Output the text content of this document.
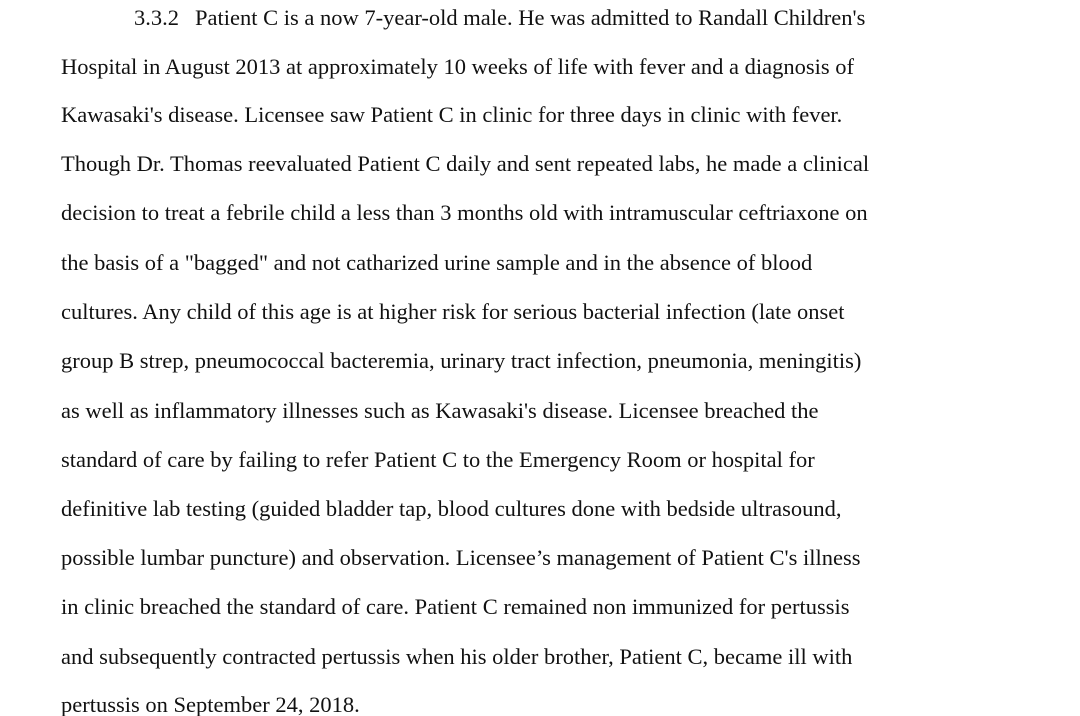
3.3.2 Patient C is a now 7-year-old male. He was admitted to Randall Children's
Hospital in August 2013 at approximately 10 weeks of life with fever and a diagnosis of
Kawasaki's disease. Licensee saw Patient C in clinic for three days in clinic with fever.
Though Dr. Thomas reevaluated Patient C daily and sent repeated labs, he made a clinical
decision to treat a febrile child a less than 3 months old with intramuscular ceftriaxone on
the basis of a "bagged" and not catharized urine sample and in the absence of blood
cultures. Any child of this age is at higher risk for serious bacterial infection (late onset
group B strep, pneumococcal bacteremia, urinary tract infection, pneumonia, meningitis)
as well as inflammatory illnesses such as Kawasaki's disease. Licensee breached the
standard of care by failing to refer Patient C to the Emergency Room or hospital for
definitive lab testing (guided bladder tap, blood cultures done with bedside ultrasound,
possible lumbar puncture) and observation. Licensee’s management of Patient C's illness
in clinic breached the standard of care. Patient C remained non immunized for pertussis
and subsequently contracted pertussis when his older brother, Patient C, became ill with
pertussis on September 24, 2018.
